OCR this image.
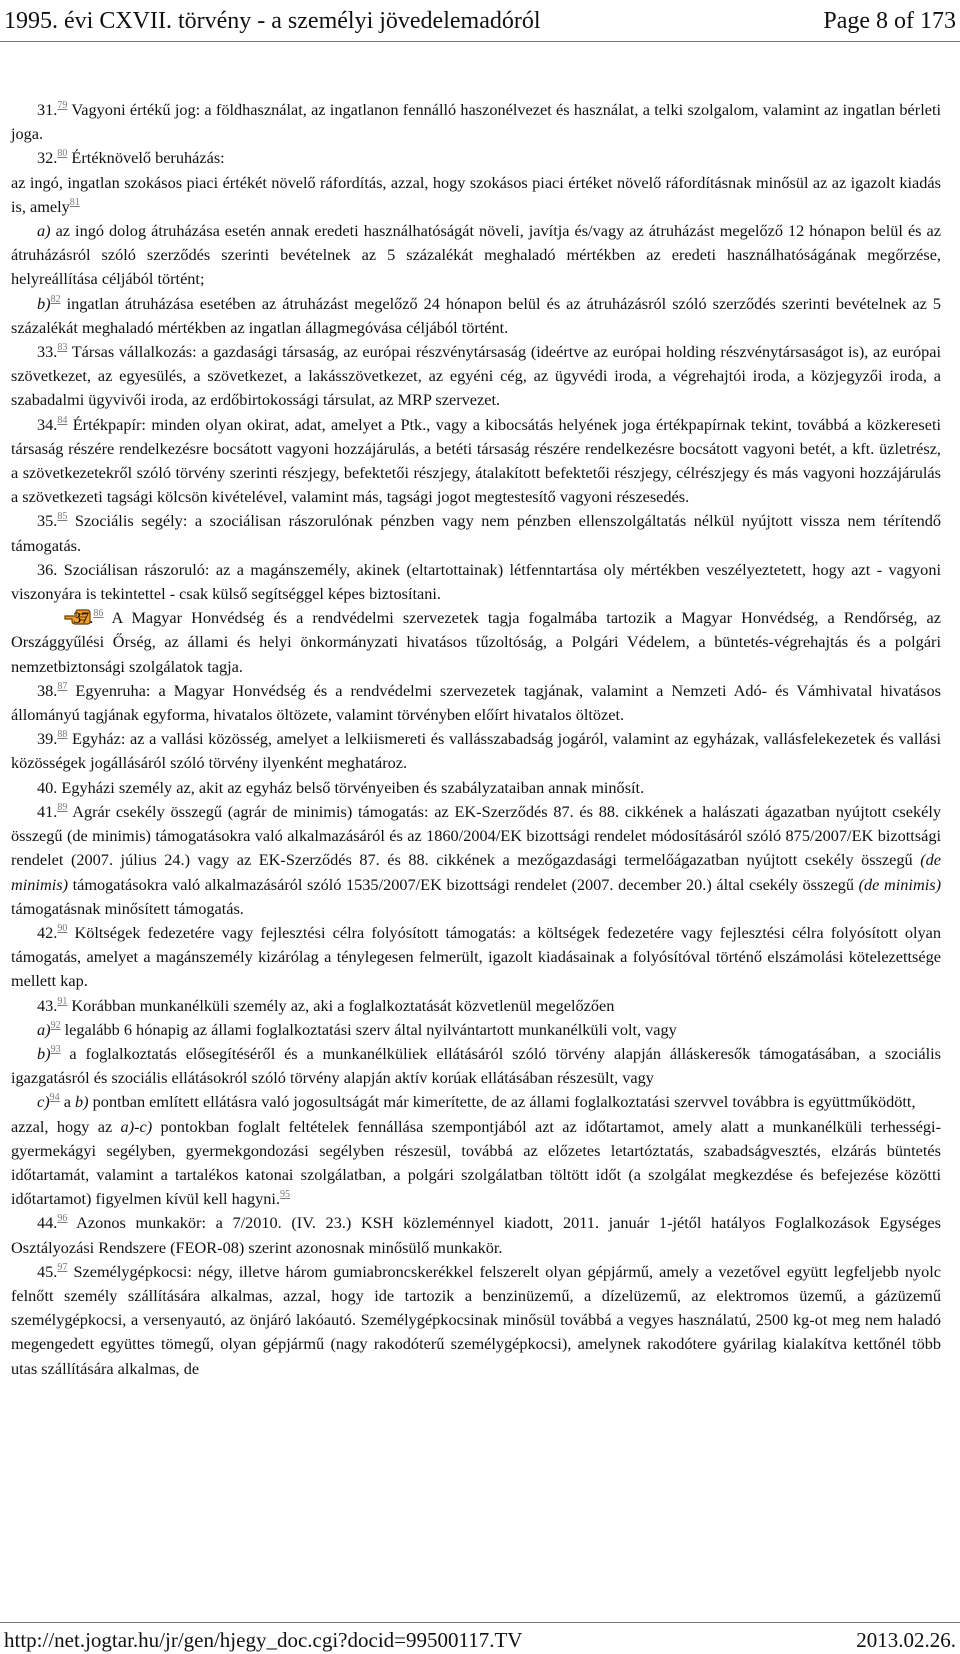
1995. évi CXVII. törvény - a személyi jövedelemadóról	Page 8 of 173

31.79 Vagyoni értékű jog: a földhasználat, az ingatlanon fennálló haszonélvezet és használat, a telki szolgalom, valamint az ingatlan bérleti joga.

32.80 Értéknövelő beruházás:

az ingó, ingatlan szokásos piaci értékét növelő ráfordítás, azzal, hogy szokásos piaci értéket növelő ráfordításnak minősül az az igazolt kiadás is, amely$^{81}$

a) az ingó dolog átruházása esetén annak eredeti használhatóságát növeli, javítja és/vagy az átruházást megelőző 12 hónapon belül és az átruházásról szóló szerződés szerinti bevételnek az 5 százalékát meghaladó mértékben az eredeti használhatóságának megőrzése, helyreállítása céljából történt;

b)$^{82}$ ingatlan átruházása esetében az átruházást megelőző 24 hónapon belül és az átruházásról szóló szerződés szerinti bevételnek az 5 százalékát meghaladó mértékben az ingatlan állagmegóvása céljából történt.

33.83 Társas vállalkozás: a gazdasági társaság, az európai részvénytársaság (ideértve az európai holding részvénytársaságot is), az európai szövetkezet, az egyesülés, a szövetkezet, a lakásszövetkezet, az egyéni cég, az ügyvédi iroda, a végrehajtói iroda, a közjegyzői iroda, a szabadalmi ügyvivői iroda, az erdőbirtokossági társulat, az MRP szervezet.

34.84 Értékpapír: minden olyan okirat, adat, amelyet a Ptk., vagy a kibocsátás helyének joga értékpapírnak tekint, továbbá a közkereseti társaság részére rendelkezésre bocsátott vagyoni hozzájárulás, a betéti társaság részére rendelkezésre bocsátott vagyoni betét, a kft. üzletrész, a szövetkezetekről szóló törvény szerinti részjegy, befektetői részjegy, átalakított befektetői részjegy, célrészjegy és más vagyoni hozzájárulás a szövetkezeti tagsági kölcsön kivételével, valamint más, tagsági jogot megtestesítő vagyoni részesedés.

35.85 Szociális segély: a szociálisan rászorulónak pénzben vagy nem pénzben ellenszolgáltatás nélkül nyújtott vissza nem térítendő támogatás.

36. Szociálisan rászoruló: az a magánszemély, akinek (eltartottainak) létfenntartása oly mértékben veszélyeztetett, hogy azt - vagyoni viszonyára is tekintettel - csak külső segítséggel képes biztosítani.

37.86 A Magyar Honvédség és a rendvédelmi szervezetek tagja fogalmába tartozik a Magyar Honvédség, a Rendőrség, az Országgyűlési Őrség, az állami és helyi önkormányzati hivatásos tűzoltóság, a Polgári Védelem, a büntetés-végrehajtás és a polgári nemzetbiztonsági szolgálatok tagja.

38.87 Egyenruha: a Magyar Honvédség és a rendvédelmi szervezetek tagjának, valamint a Nemzeti Adó- és Vámhivatal hivatásos állományú tagjának egyforma, hivatalos öltözete, valamint törvényben előírt hivatalos öltözet.

39.88 Egyház: az a vallási közösség, amelyet a lelkiismereti és vallásszabadság jogáról, valamint az egyházak, vallásfelekezetek és vallási közösségek jogállásáról szóló törvény ilyenként meghatároz.

40. Egyházi személy az, akit az egyház belső törvényeiben és szabályzataiban annak minősít.

41.89 Agrár csekély összegű (agrár de minimis) támogatás: az EK-Szerződés 87. és 88. cikkének a halászati ágazatban nyújtott csekély összegű (de minimis) támogatásokra való alkalmazásáról és az 1860/2004/EK bizottsági rendelet módosításáról szóló 875/2007/EK bizottsági rendelet (2007. július 24.) vagy az EK-Szerződés 87. és 88. cikkének a mezőgazdasági termelőágazatban nyújtott csekély összegű (de minimis) támogatásokra való alkalmazásáról szóló 1535/2007/EK bizottsági rendelet (2007. december 20.) által csekély összegű (de minimis) támogatásnak minősített támogatás.

42.90 Költségek fedezetére vagy fejlesztési célra folyósított támogatás: a költségek fedezetére vagy fejlesztési célra folyósított olyan támogatás, amelyet a magánszemély kizárólag a ténylegesen felmerült, igazolt kiadásainak a folyósítóval történő elszámolási kötelezettsége mellett kap.

43.91 Korábban munkanélküli személy az, aki a foglalkoztatását közvetlenül megelőzően

a)$^{92}$ legalább 6 hónapig az állami foglalkoztatási szerv által nyilvántartott munkanélküli volt, vagy

b)$^{93}$ a foglalkoztatás elősegítéséről és a munkanélküliek ellátásáról szóló törvény alapján álláskeresők támogatásában, a szociális igazgatásról és szociális ellátásokról szóló törvény alapján aktív korúak ellátásában részesült, vagy

c)$^{94}$ a b) pontban említett ellátásra való jogosultságát már kimerítette, de az állami foglalkoztatási szervvel továbbra is együttműködött,

azzal, hogy az a)-c) pontokban foglalt feltételek fennállása szempontjából azt az időtartamot, amely alatt a munkanélküli terhességi-gyermekágyi segélyben, gyermekgondozási segélyben részesül, továbbá az előzetes letartóztatás, szabadságvesztés, elzárás büntetés időtartamát, valamint a tartalékos katonai szolgálatban, a polgári szolgálatban töltött időt (a szolgálat megkezdése és befejezése közötti időtartamot) figyelmen kívül kell hagyni.$^{95}$

44.96 Azonos munkakör: a 7/2010. (IV. 23.) KSH közleménnyel kiadott, 2011. január 1-jétől hatályos Foglalkozások Egységes Osztályozási Rendszere (FEOR-08) szerint azonosnak minősülő munkakör.

45.97 Személygépkocsi: négy, illetve három gumiabroncskerékkel felszerelt olyan gépjármű, amely a vezetővel együtt legfeljebb nyolc felnőtt személy szállítására alkalmas, azzal, hogy ide tartozik a benzinüzemű, a dízelüzemű, az elektromos üzemű, a gázüzemű személygépkocsi, a versenyautó, az önjáró lakóautó. Személygépkocsinak minősül továbbá a vegyes használatú, 2500 kg-ot meg nem haladó megengedett együttes tömegű, olyan gépjármű (nagy rakodóterű személygépkocsi), amelynek rakodótere gyárilag kialakítva kettőnél több utas szállítására alkalmas, de

http://net.jogtar.hu/jr/gen/hjegy_doc.cgi?docid=99500117.TV	2013.02.26.
